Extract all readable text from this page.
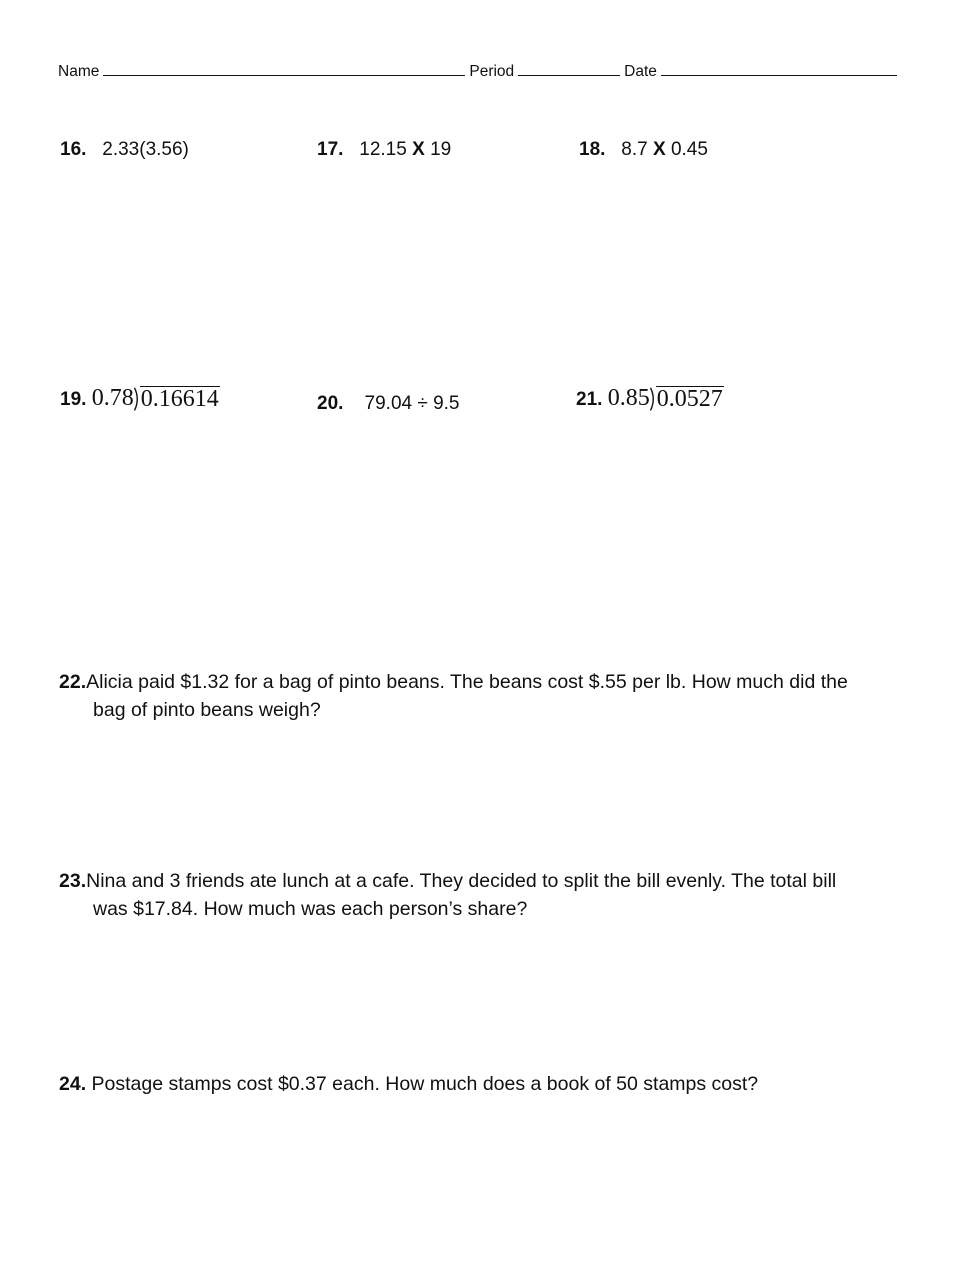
Name	Period	Date
16. 2.33(3.56)	17. 12.15 X 19	18. 8.7 X 0.45
19. 0.78 0.16614	20. 79.04 ÷ 9.5	21. 0.85 0.0527
22.Alicia paid $1.32 for a bag of pinto beans. The beans cost $.55 per lb. How much did the
bag of pinto beans weigh?
23.Nina and 3 friends ate lunch at a cafe. They decided to split the bill evenly. The total bill
was $17.84. How much was each person’s share?
24. Postage stamps cost $0.37 each. How much does a book of 50 stamps cost?
